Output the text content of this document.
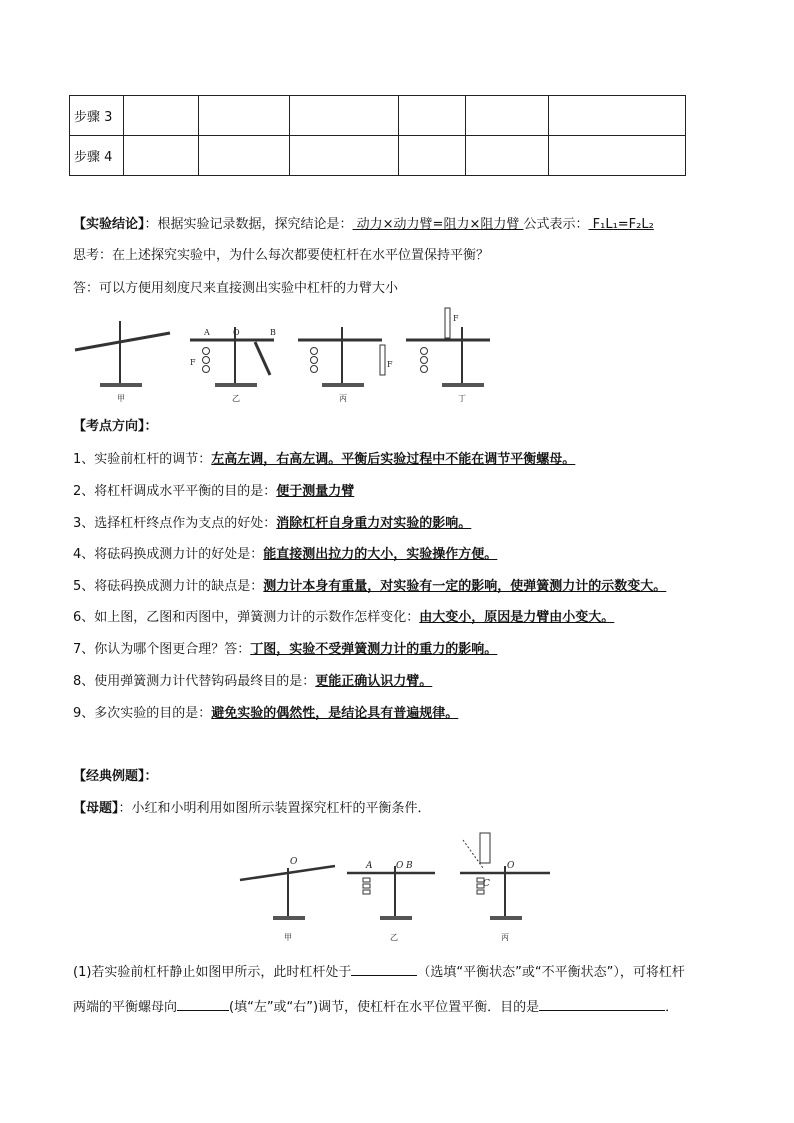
步骤 3						
步骤 4						
【实验结论】：根据实验记录数据，探究结论是： 动力×动力臂=阻力×阻力臂 公式表示： F₁L₁=F₂L₂
思考：在上述探究实验中，为什么每次都要使杠杆在水平位置保持平衡？
答：可以方便用刻度尺来直接测出实验中杠杆的力臂大小
甲
A	O	B
F
乙
F
丙
F
丁
【考点方向】：
1、实验前杠杆的调节：左高左调，右高左调。平衡后实验过程中不能在调节平衡螺母。
2、将杠杆调成水平平衡的目的是：便于测量力臂
3、选择杠杆终点作为支点的好处：消除杠杆自身重力对实验的影响。
4、将砝码换成测力计的好处是：能直接测出拉力的大小，实验操作方便。
5、将砝码换成测力计的缺点是：测力计本身有重量，对实验有一定的影响，使弹簧测力计的示数变大。
6、如上图，乙图和丙图中，弹簧测力计的示数作怎样变化：由大变小，原因是力臂由小变大。
7、你认为哪个图更合理？答：丁图，实验不受弹簧测力计的重力的影响。
8、使用弹簧测力计代替钩码最终目的是：更能正确认识力臂。
9、多次实验的目的是：避免实验的偶然性，是结论具有普遍规律。
【经典例题】：
【母题】：小红和小明利用如图所示装置探究杠杆的平衡条件．
O
甲
A	O B
乙
O
C
丙
(1)若实验前杠杆静止如图甲所示，此时杠杆处于	（选填“平衡状态”或“不平衡状态”），可将杠杆
两端的平衡螺母向	(填“左”或“右”)调节，使杠杆在水平位置平衡．目的是	．
